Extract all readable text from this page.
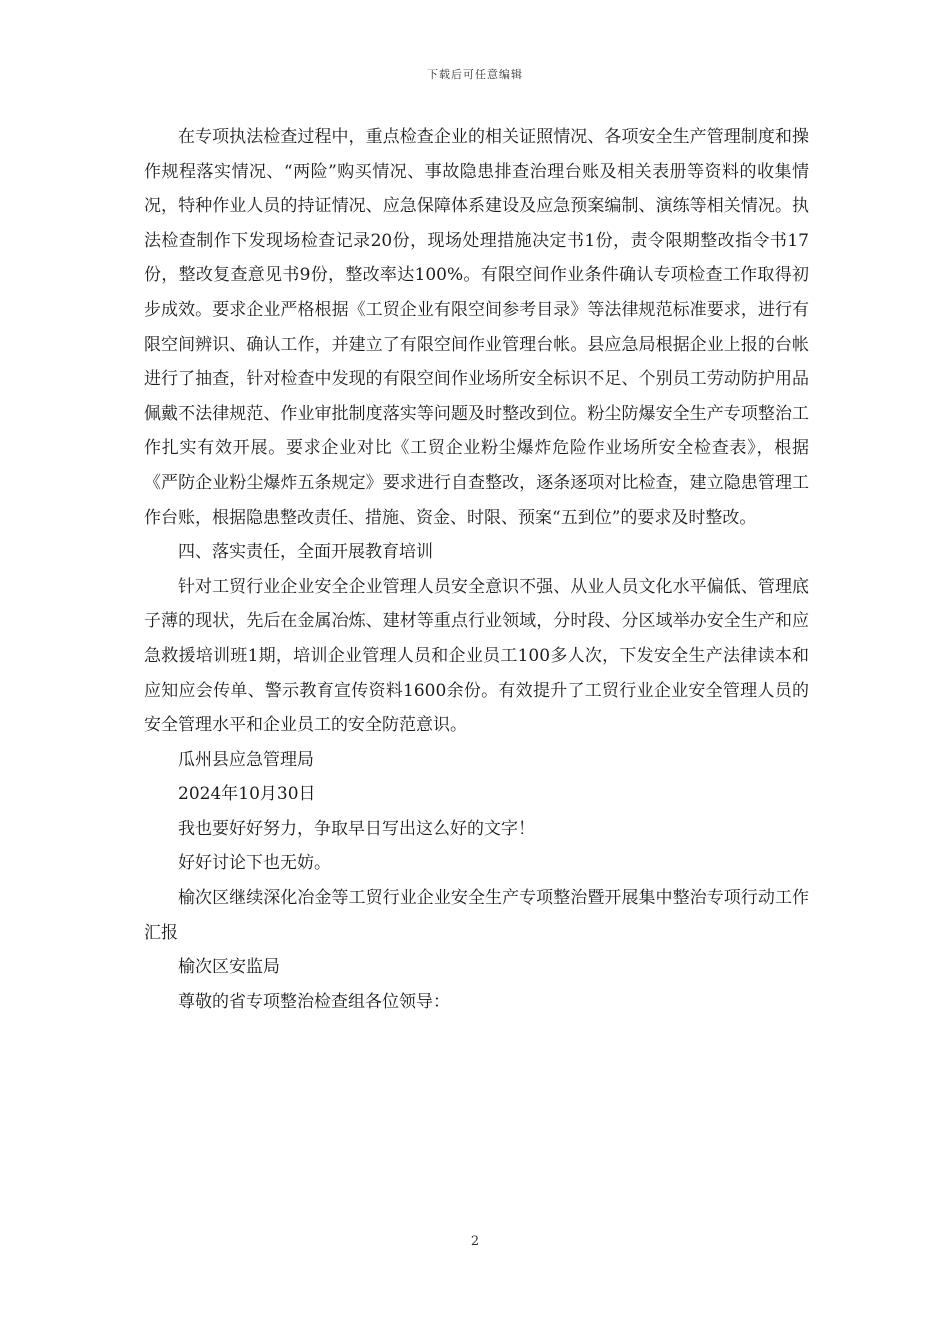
下载后可任意编辑

在专项执法检查过程中，重点检查企业的相关证照情况、各项安全生产管理制度和操作规程落实情况、“两险”购买情况、事故隐患排查治理台账及相关表册等资料的收集情况，特种作业人员的持证情况、应急保障体系建设及应急预案编制、演练等相关情况。执法检查制作下发现场检查记录20份，现场处理措施决定书1份，责令限期整改指令书17份，整改复查意见书9份，整改率达100%。有限空间作业条件确认专项检查工作取得初步成效。要求企业严格根据《工贸企业有限空间参考目录》等法律规范标准要求，进行有限空间辨识、确认工作，并建立了有限空间作业管理台帐。县应急局根据企业上报的台帐进行了抽查，针对检查中发现的有限空间作业场所安全标识不足、个别员工劳动防护用品佩戴不法律规范、作业审批制度落实等问题及时整改到位。粉尘防爆安全生产专项整治工作扎实有效开展。要求企业对比《工贸企业粉尘爆炸危险作业场所安全检查表》，根据《严防企业粉尘爆炸五条规定》要求进行自查整改，逐条逐项对比检查，建立隐患管理工作台账，根据隐患整改责任、措施、资金、时限、预案“五到位”的要求及时整改。

四、落实责任，全面开展教育培训

针对工贸行业企业安全企业管理人员安全意识不强、从业人员文化水平偏低、管理底子薄的现状，先后在金属冶炼、建材等重点行业领域，分时段、分区域举办安全生产和应急救援培训班1期，培训企业管理人员和企业员工100多人次，下发安全生产法律读本和应知应会传单、警示教育宣传资料1600余份。有效提升了工贸行业企业安全管理人员的安全管理水平和企业员工的安全防范意识。

瓜州县应急管理局

2024年10月30日

我也要好好努力，争取早日写出这么好的文字！

好好讨论下也无妨。

榆次区继续深化冶金等工贸行业企业安全生产专项整治暨开展集中整治专项行动工作汇报

榆次区安监局

尊敬的省专项整治检查组各位领导：

2
